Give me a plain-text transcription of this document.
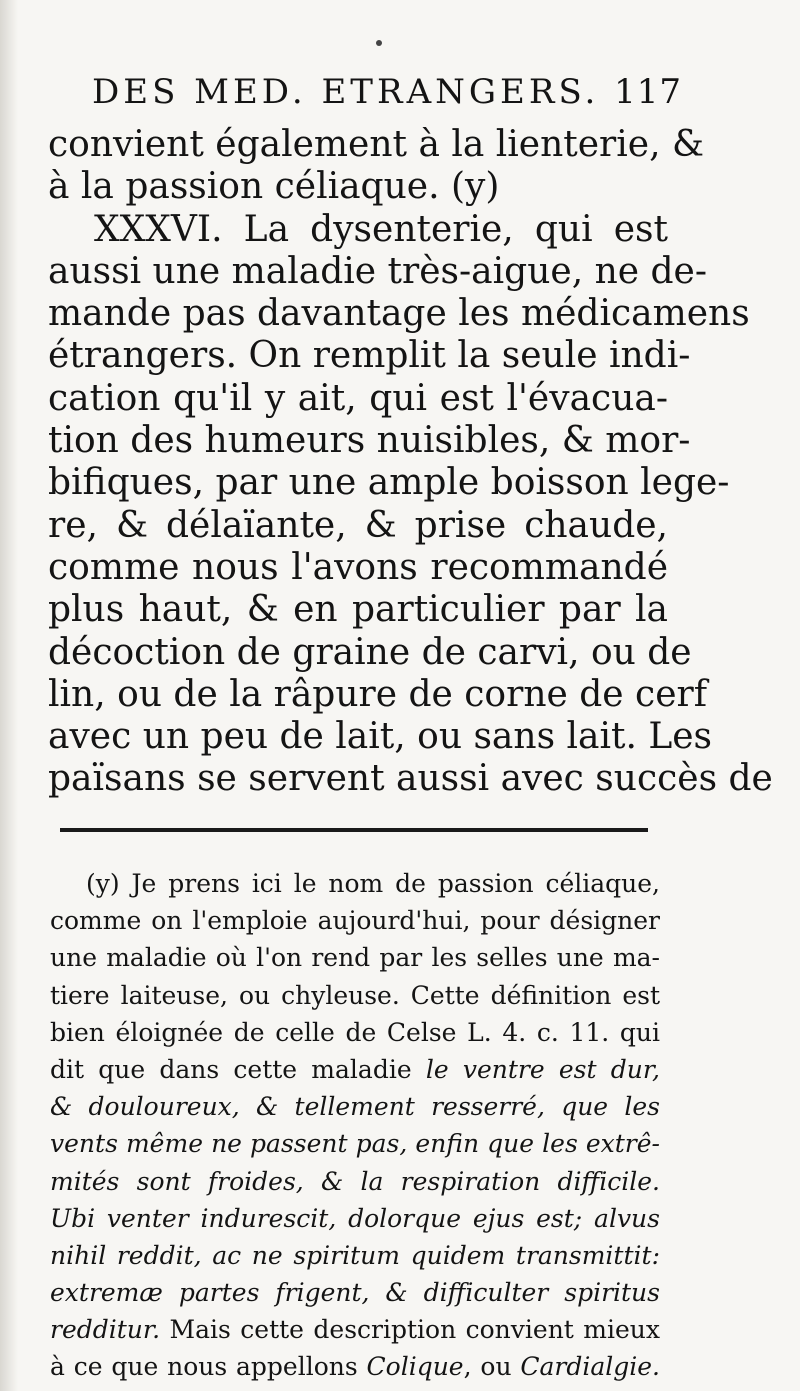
DES MED. ETRANGERS. 117
convient également à la lienterie, &
à la passion céliaque. (y)
XXXVI. La dysenterie, qui est
aussi une maladie très-aigue, ne de-
mande pas davantage les médicamens
étrangers. On remplit la seule indi-
cation qu'il y ait, qui est l'évacua-
tion des humeurs nuisibles, & mor-
bifiques, par une ample boisson lege-
re, & délaïante, & prise chaude,
comme nous l'avons recommandé
plus haut, & en particulier par la
décoction de graine de carvi, ou de
lin, ou de la râpure de corne de cerf
avec un peu de lait, ou sans lait. Les
païsans se servent aussi avec succès de
(y) Je prens ici le nom de passion céliaque,
comme on l'emploie aujourd'hui, pour désigner
une maladie où l'on rend par les selles une ma-
tiere laiteuse, ou chyleuse. Cette définition est
bien éloignée de celle de Celse L. 4. c. 11. qui
dit que dans cette maladie le ventre est dur,
& douloureux, & tellement resserré, que les
vents même ne passent pas, enfin que les extrê-
mités sont froides, & la respiration difficile.
Ubi venter indurescit, dolorque ejus est; alvus
nihil reddit, ac ne spiritum quidem transmittit:
extremæ partes frigent, & difficulter spiritus
redditur. Mais cette description convient mieux
à ce que nous appellons Colique, ou Cardialgie.
